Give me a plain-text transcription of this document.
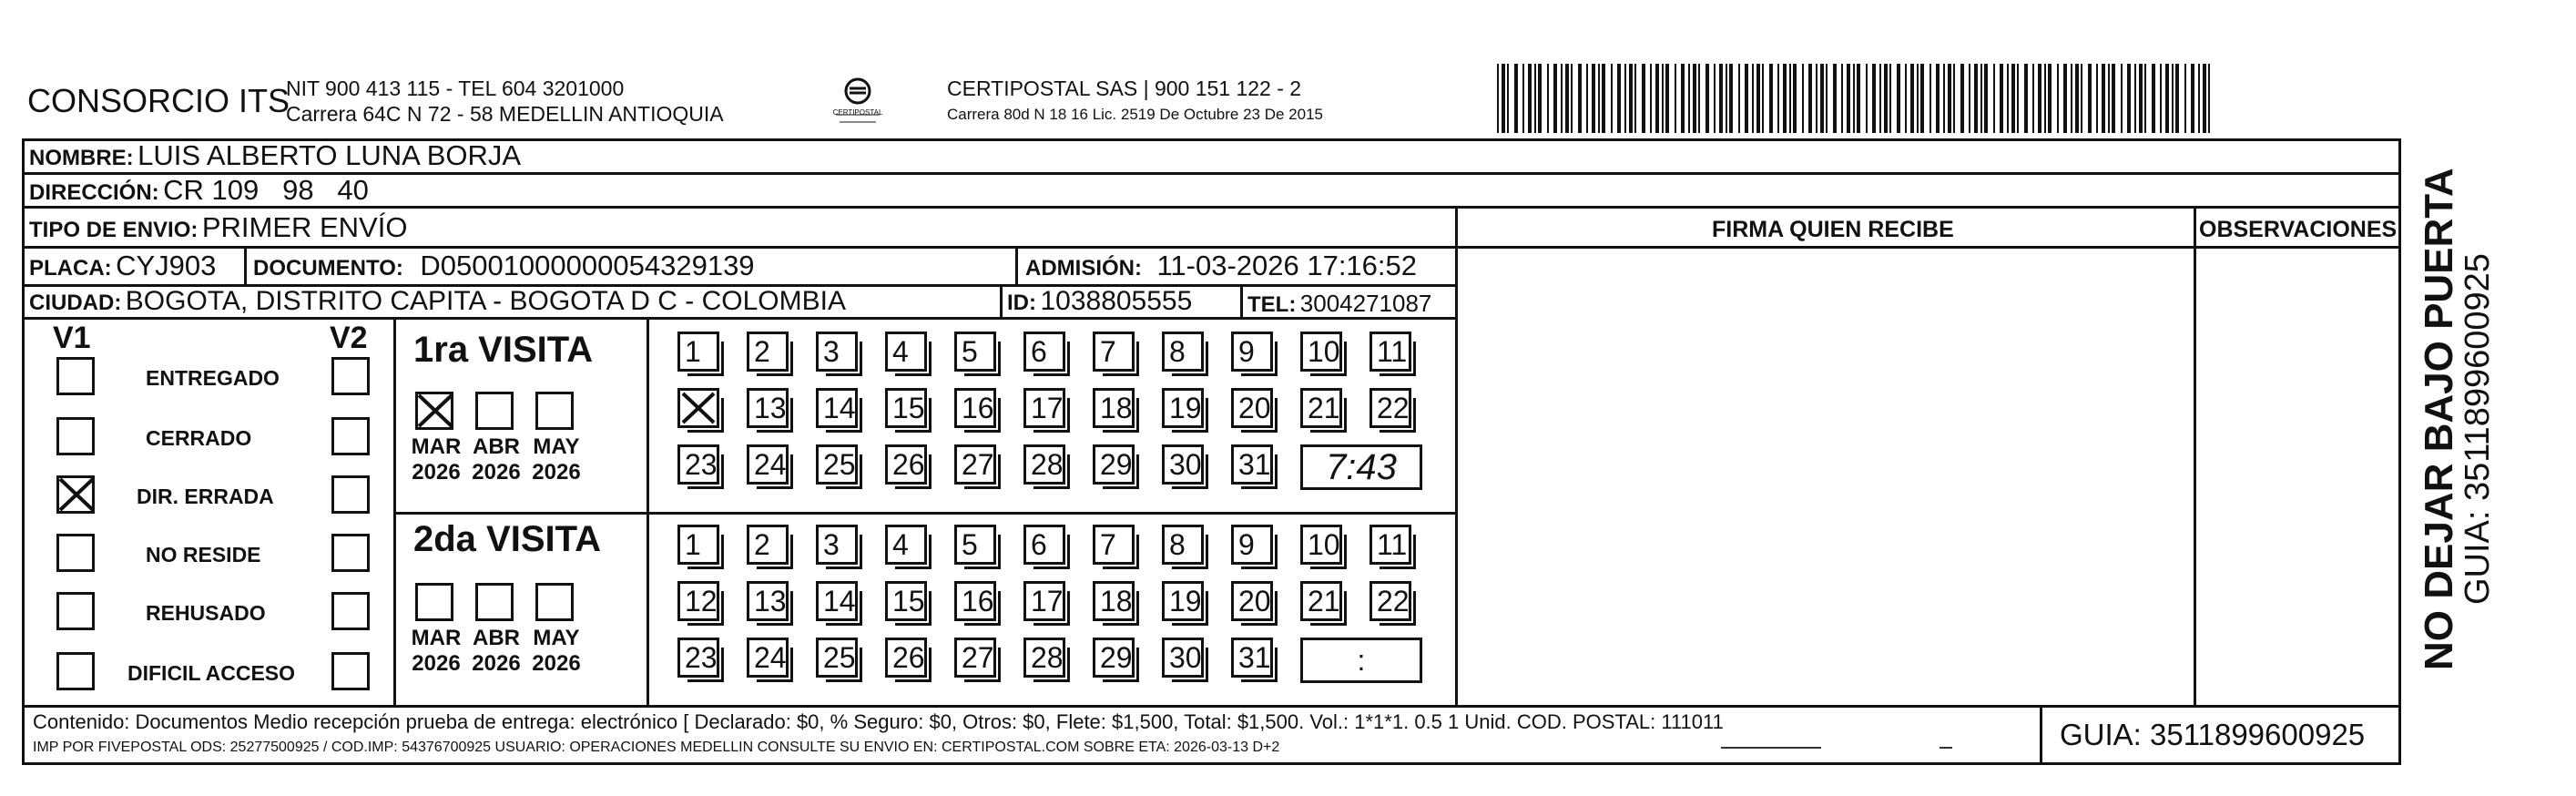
CONSORCIO ITS
NIT 900 413 115 - TEL 604 3201000
Carrera 64C N 72 - 58 MEDELLIN ANTIOQUIA	CERTIPOSTAL
CERTIPOSTAL SAS | 900 151 122 - 2
Carrera 80d N 18 16 Lic. 2519 De Octubre 23 De 2015
NOMBRE: LUIS ALBERTO LUNA BORJA
DIRECCIÓN: CR 109   98   40
TIPO DE ENVIO: PRIMER ENVÍO	FIRMA QUIEN RECIBE	OBSERVACIONES
PLACA: CYJ903 DOCUMENTO: D05001000000054329139	ADMISIÓN: 11-03-2026 17:16:52
CIUDAD: BOGOTA, DISTRITO CAPITA - BOGOTA D C - COLOMBIA	ID: 1038805555	TEL: 3004271087
V1	V2
ENTREGADO
CERRADO
DIR. ERRADA
NO RESIDE
REHUSADO
DIFICIL ACCESO
1ra VISITA
2da VISITA
MAR
2026
ABR
2026
MAY
2026
MAR
2026
ABR
2026
MAY
2026
1	2	3	4	5	6	7	8	9	10 11
13 14 15 16 17 18 19 20 21 22
23 24 25 26 27 28 29 30 31	7:43
1	2	3	4	5	6	7	8	9	10 11
12 13 14 15 16 17 18 19 20 21 22
23 24 25 26 27 28 29 30 31	:
Contenido: Documentos Medio recepción prueba de entrega: electrónico [ Declarado: $0, % Seguro: $0, Otros: $0, Flete: $1,500, Total: $1,500. Vol.: 1*1*1. 0.5 1 Unid. COD. POSTAL: 111011
IMP POR FIVEPOSTAL ODS: 25277500925 / COD.IMP: 54376700925 USUARIO: OPERACIONES MEDELLIN CONSULTE SU ENVIO EN: CERTIPOSTAL.COM SOBRE ETA: 2026-03-13 D+2	GUIA: 3511899600925
NO DEJAR BAJO PUERTA
GUIA: 3511899600925
